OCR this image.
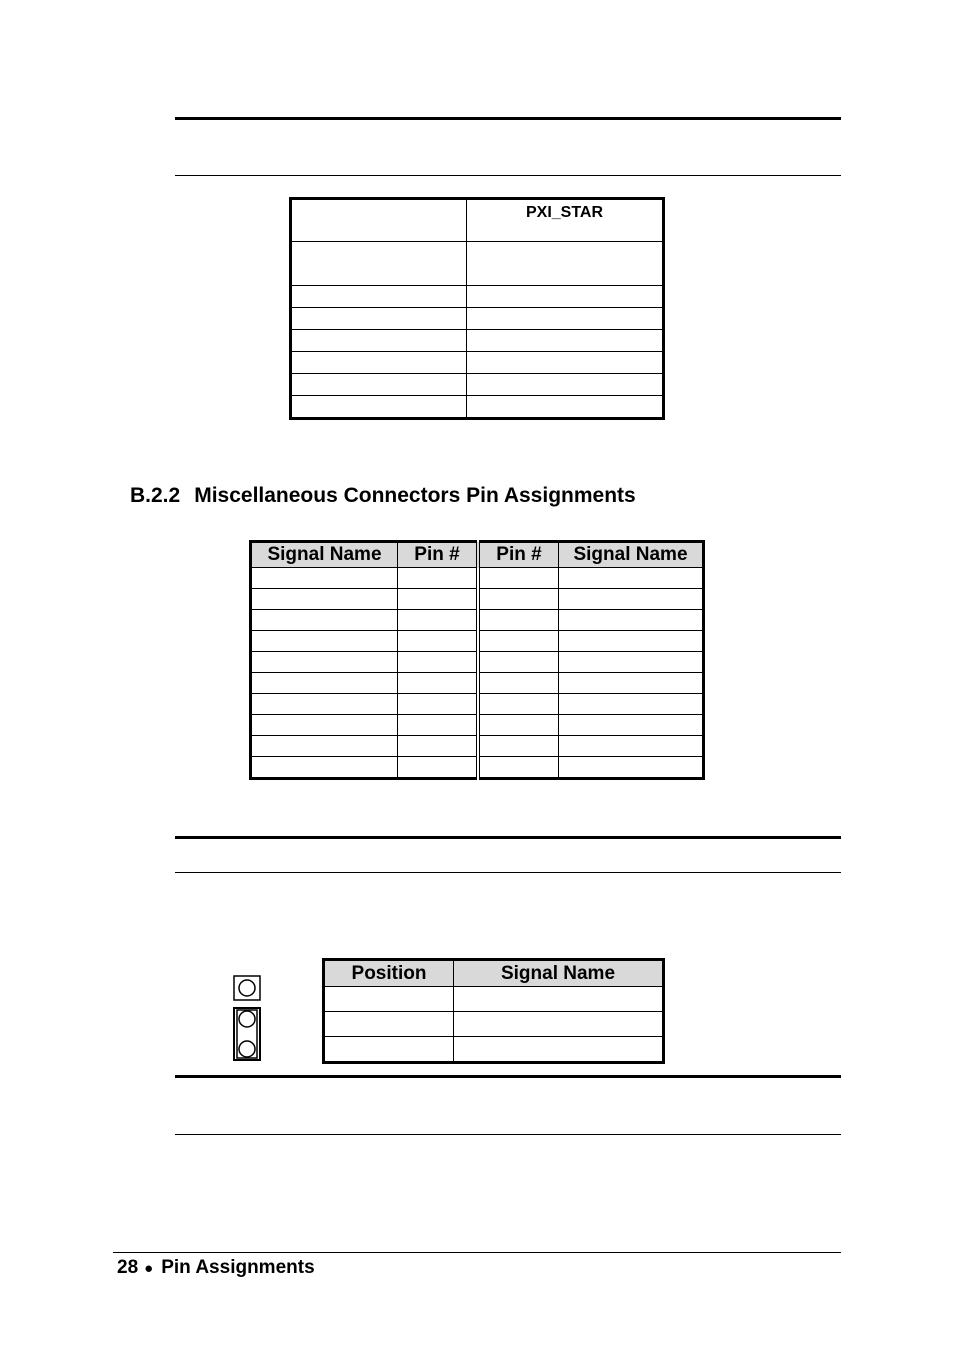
	PXI_STAR

B.2.2 Miscellaneous Connectors Pin Assignments
Signal Name	Pin #	Pin #	Signal Name

Position	Signal Name

28 ● Pin Assignments
